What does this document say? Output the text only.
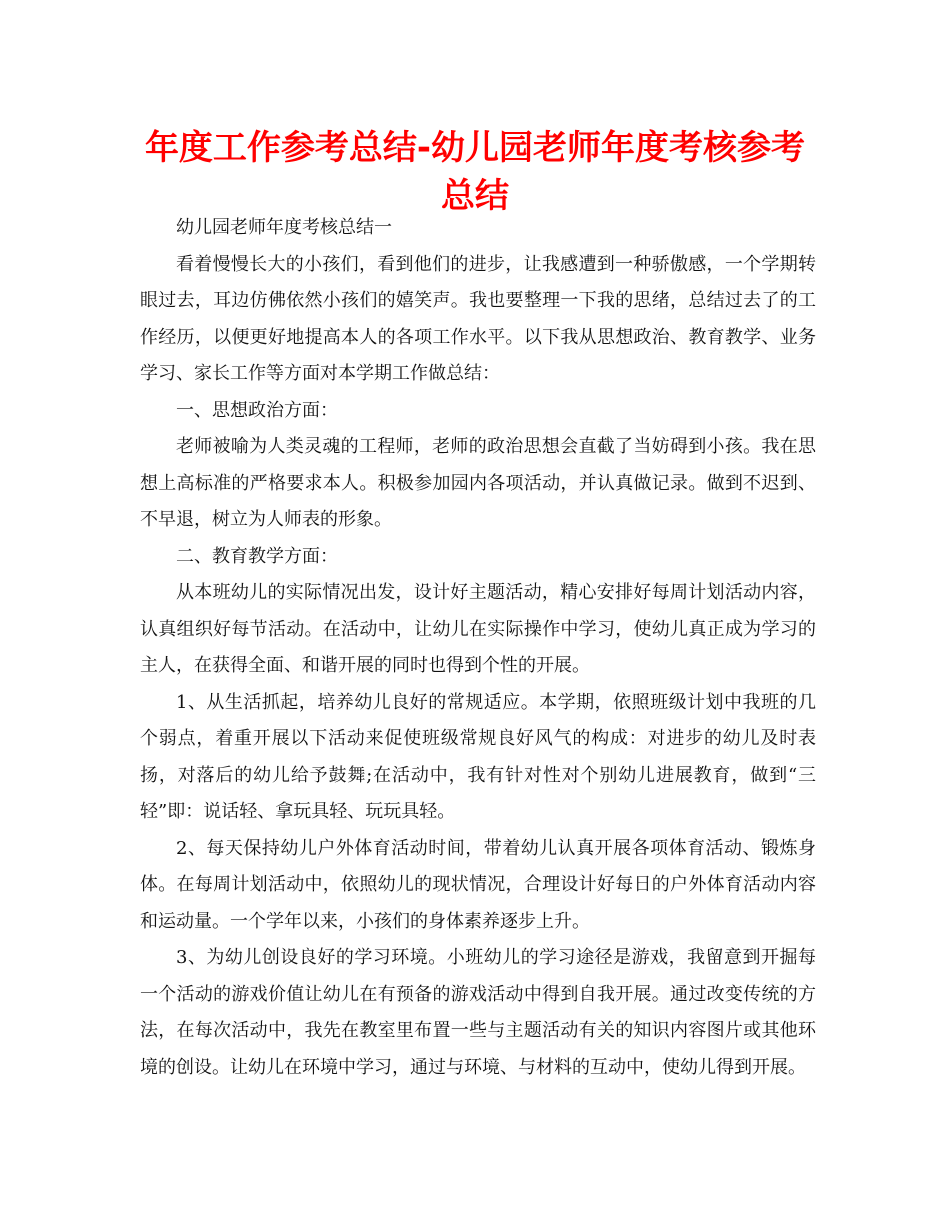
年度工作参考总结-幼儿园老师年度考核参考总结

幼儿园老师年度考核总结一

看着慢慢长大的小孩们，看到他们的进步，让我感遭到一种骄傲感，一个学期转眼过去，耳边仿佛依然小孩们的嬉笑声。我也要整理一下我的思绪，总结过去了的工作经历，以便更好地提高本人的各项工作水平。以下我从思想政治、教育教学、业务学习、家长工作等方面对本学期工作做总结：

一、思想政治方面：

老师被喻为人类灵魂的工程师，老师的政治思想会直截了当妨碍到小孩。我在思想上高标准的严格要求本人。积极参加园内各项活动，并认真做记录。做到不迟到、不早退，树立为人师表的形象。

二、教育教学方面：

从本班幼儿的实际情况出发，设计好主题活动，精心安排好每周计划活动内容，认真组织好每节活动。在活动中，让幼儿在实际操作中学习，使幼儿真正成为学习的主人，在获得全面、和谐开展的同时也得到个性的开展。

1、从生活抓起，培养幼儿良好的常规适应。本学期，依照班级计划中我班的几个弱点，着重开展以下活动来促使班级常规良好风气的构成：对进步的幼儿及时表扬，对落后的幼儿给予鼓舞;在活动中，我有针对性对个别幼儿进展教育，做到“三轻”即：说话轻、拿玩具轻、玩玩具轻。

2、每天保持幼儿户外体育活动时间，带着幼儿认真开展各项体育活动、锻炼身体。在每周计划活动中，依照幼儿的现状情况，合理设计好每日的户外体育活动内容和运动量。一个学年以来，小孩们的身体素养逐步上升。

3、为幼儿创设良好的学习环境。小班幼儿的学习途径是游戏，我留意到开掘每一个活动的游戏价值让幼儿在有预备的游戏活动中得到自我开展。通过改变传统的方法，在每次活动中，我先在教室里布置一些与主题活动有关的知识内容图片或其他环境的创设。让幼儿在环境中学习，通过与环境、与材料的互动中，使幼儿得到开展。
